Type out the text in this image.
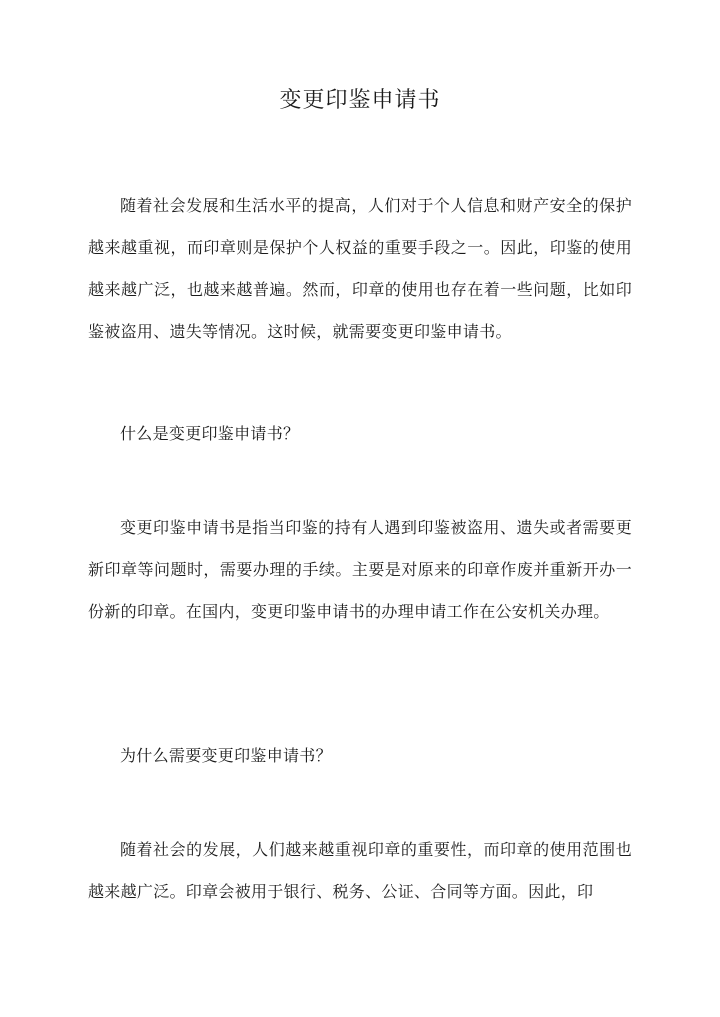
变更印鉴申请书

随着社会发展和生活水平的提高，人们对于个人信息和财产安全的保护越来越重视，而印章则是保护个人权益的重要手段之一。因此，印鉴的使用越来越广泛，也越来越普遍。然而，印章的使用也存在着一些问题，比如印鉴被盗用、遗失等情况。这时候，就需要变更印鉴申请书。

什么是变更印鉴申请书？

变更印鉴申请书是指当印鉴的持有人遇到印鉴被盗用、遗失或者需要更新印章等问题时，需要办理的手续。主要是对原来的印章作废并重新开办一份新的印章。在国内，变更印鉴申请书的办理申请工作在公安机关办理。

为什么需要变更印鉴申请书？

随着社会的发展，人们越来越重视印章的重要性，而印章的使用范围也越来越广泛。印章会被用于银行、税务、公证、合同等方面。因此，印
